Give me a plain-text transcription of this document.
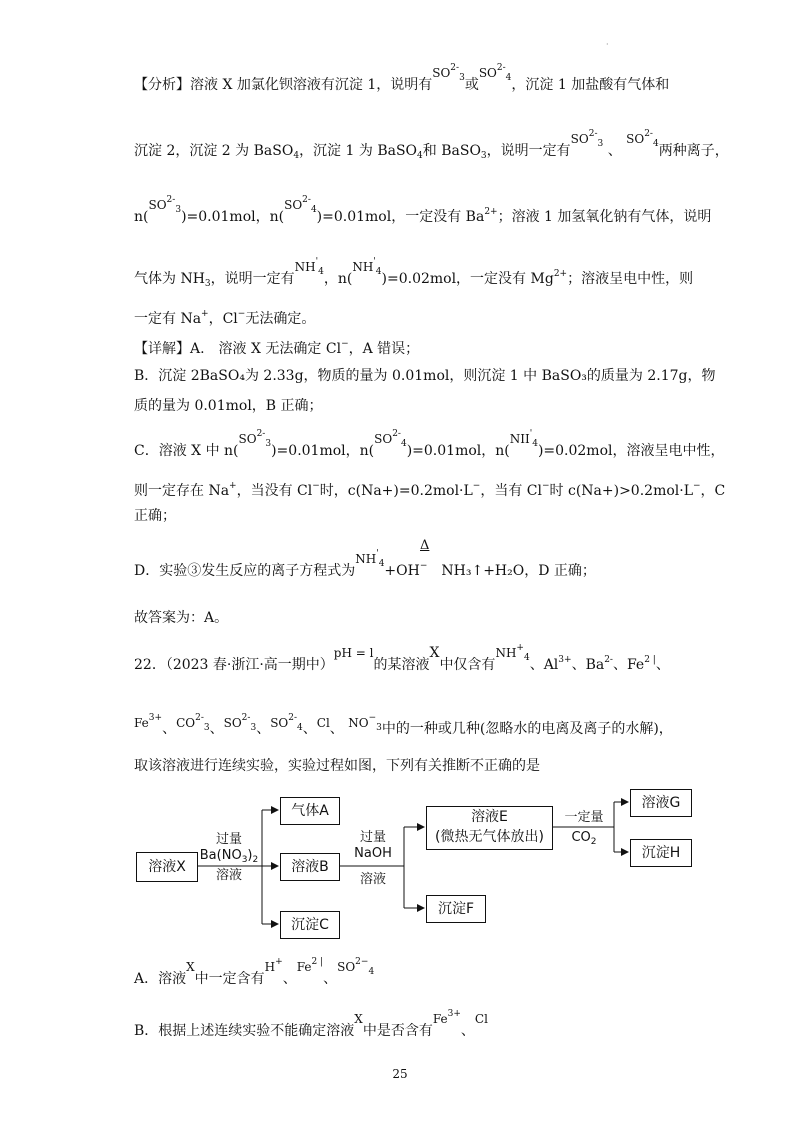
·
【分析】溶液 X 加氯化钡溶液有沉淀 1，说明有$SO^{2-}_3$或$SO^{2-}_4$，沉淀 1 加盐酸有气体和
沉淀 2，沉淀 2 为 BaSO$_4$，沉淀 1 为 BaSO$_4$和 BaSO$_3$，说明一定有$SO^{2-}_3$ 、 $SO^{2-}_4$两种离子，
$n(SO^{2-}_3)=0.01mol$，$n(SO^{2-}_4)=0.01mol$，一定没有 $Ba^{2+}$；溶液 1 加氢氧化钠有气体，说明
气体为 $NH_3$，说明一定有$NH'_4$，$n(NH'_4)=0.02mol$，一定没有 $Mg^{2+}$；溶液呈电中性，则
一定有 Na+，Cl−无法确定。
【详解】A.　溶液 X 无法确定 Cl−，A 错误；
B．沉淀 2BaSO₄为 2.33g，物质的量为 0.01mol，则沉淀 1 中 BaSO₃的质量为 2.17g，物
质的量为 0.01mol，B 正确；
C．溶液 X 中 $n(SO^{2-}_3)=0.01mol$，$n(SO^{2-}_4)=0.01mol$，$n(NII'_4)=0.02mol$，溶液呈电中性，
则一定存在 Na+，当没有 Cl−时，c(Na+)=0.2mol·L−，当有 Cl−时 c(Na+)>0.2mol·L−，C
正确；
Δ
D．实验③发生反应的离子方程式为$NH'_4+OH^-$　 NH₃↑+H₂O，D 正确；
故答案为：A。
22．（2023 春·浙江·高一期中）pH = l的某溶液X中仅含有$NH^+_4$、$Al^{3+}$、$Ba^{2-}$、$Fe^{2 |}$、
$Fe^{3+}$、$CO^{2-}_3$、$SO^{2-}_3$、$SO^{2-}_4$、Cl、 $NO^-_3$中的一种或几种(忽略水的电离及离子的水解)，
取该溶液进行连续实验，实验过程如图，下列有关推断不正确的是
溶液X
气体A
溶液B
沉淀C
溶液E
(微热无气体放出)
沉淀F
溶液G
沉淀H
过量
$Ba(NO_3)_2$
溶液
过量
NaOH
溶液
一定量
$CO_2$
A．溶液X中一定含有H+、$Fe^{2 |}$、$SO^{2-}_4$
B．根据上述连续实验不能确定溶液X中是否含有$Fe^{3+}$、Cl
25
